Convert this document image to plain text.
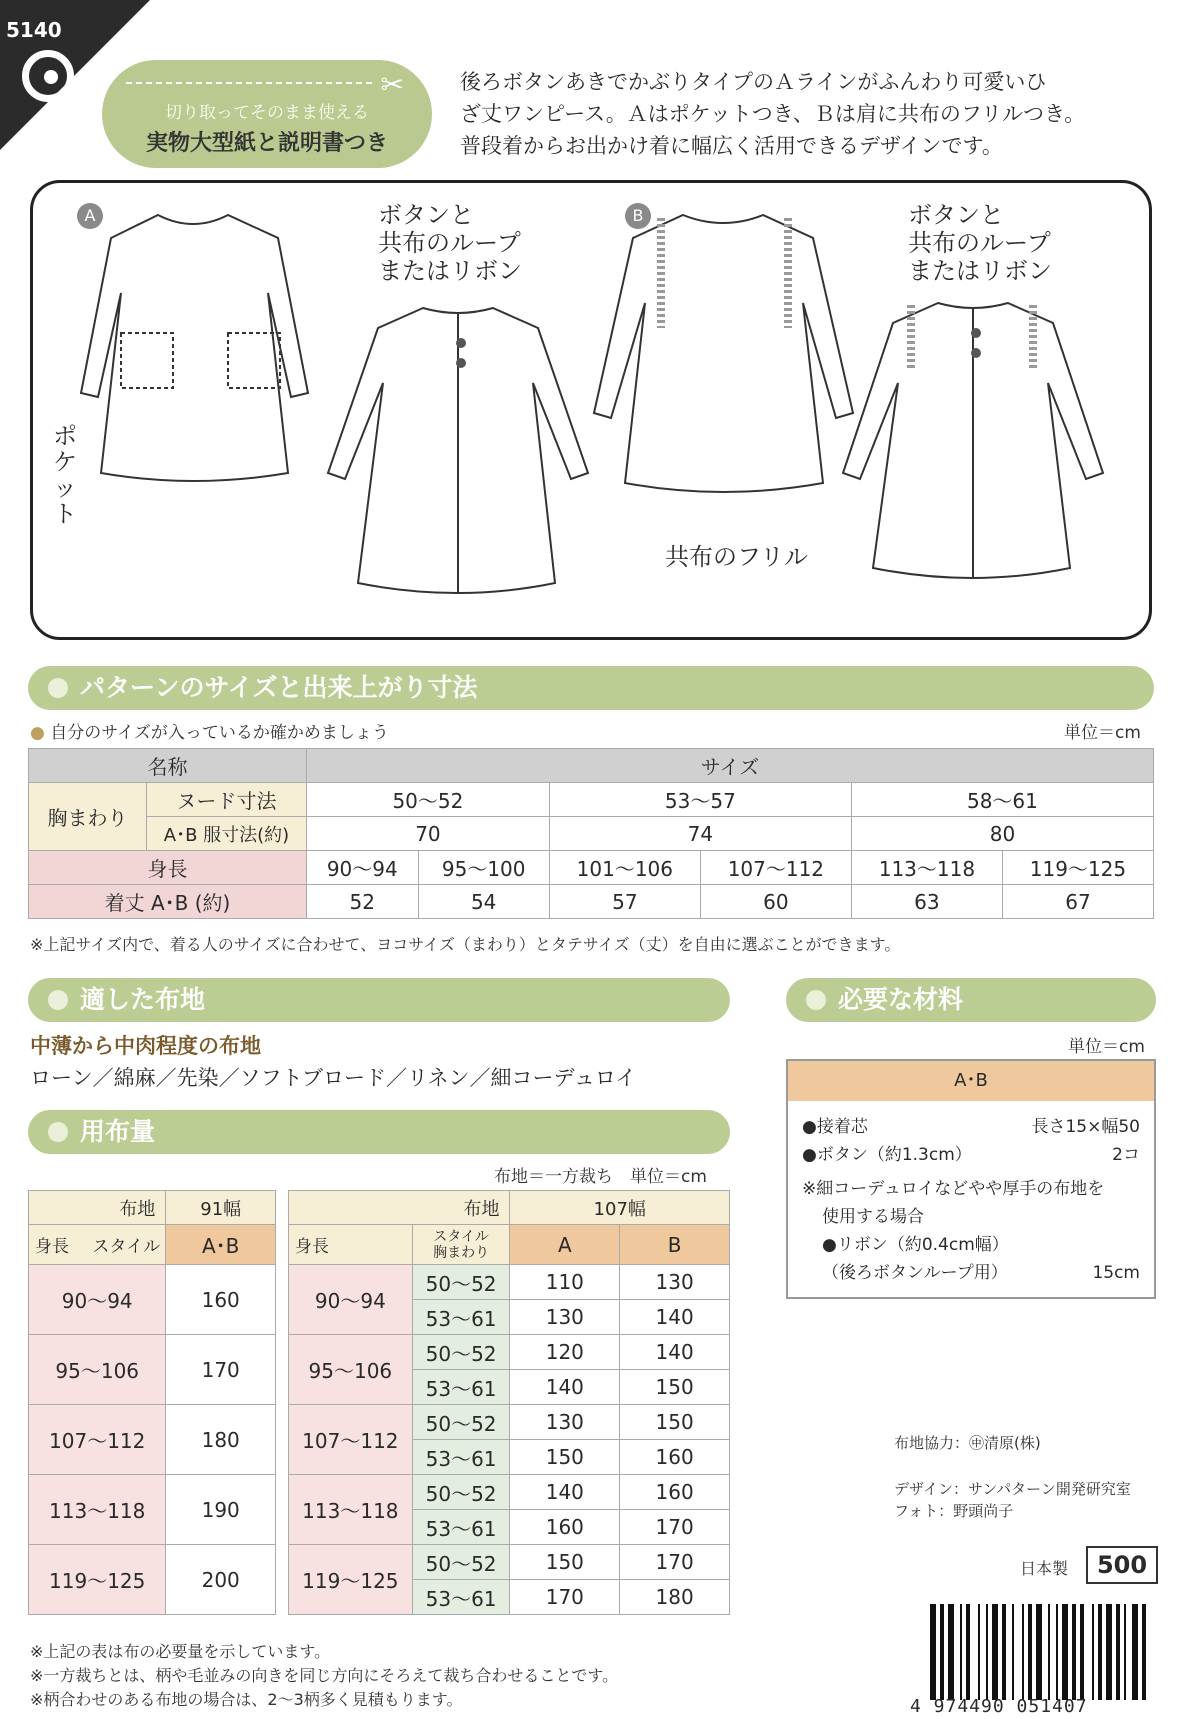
5140
✂
切り取ってそのまま使える
実物大型紙と説明書つき
後ろボタンあきでかぶりタイプのＡラインがふんわり可愛いひ
ざ丈ワンピース。Ａはポケットつき、Ｂは肩に共布のフリルつき。
普段着からお出かけ着に幅広く活用できるデザインです。
A	B
ポケット
ボタンと
共布のループ
またはリボン
ボタンと
共布のループ
またはリボン
共布のフリル
パターンのサイズと出来上がり寸法
● 自分のサイズが入っているか確かめましょう	単位＝cm
名称		サイズ					
胸まわり	ヌード寸法	50～52		53～57		58～61	
	A･B 服寸法(約)	70		74		80	
身長		90～94	95～100	101～106	107～112	113～118	119～125
着丈 A･B (約)		52	54	57	60	63	67
※上記サイズ内で、着る人のサイズに合わせて、ヨコサイズ（まわり）とタテサイズ（丈）を自由に選ぶことができます。
適した布地
中薄から中肉程度の布地
ローン／綿麻／先染／ソフトブロード／リネン／細コーデュロイ
必要な材料
単位＝cm
A･B
●接着芯	長さ15×幅50
●ボタン（約1.3cm）	2コ
※細コーデュロイなどやや厚手の布地を
使用する場合
●リボン（約0.4cm幅）
（後ろボタンループ用）	15cm
用布量
布地＝一方裁ち　単位＝cm
布地	91幅
身長 スタイル	A･B
90～94	160
95～106	170
107～112	180
113～118	190
119～125	200
布地		107幅	
身長	スタイル
胸まわり	A	B
90～94	50～52	110	130
	53～61	130	140
95～106	50～52	120	140
	53～61	140	150
107～112	50～52	130	150
	53～61	150	160
113～118	50～52	140	160
	53～61	160	170
119～125	50～52	150	170
	53～61	170	180
※上記の表は布の必要量を示しています。
※一方裁ちとは、柄や毛並みの向きを同じ方向にそろえて裁ち合わせることです。
※柄合わせのある布地の場合は、2～3柄多く見積もります。
布地協力：㊥清原(株)
デザイン：サンパターン開発研究室
フォト：野頭尚子
日本製	500
4 974490 051407
